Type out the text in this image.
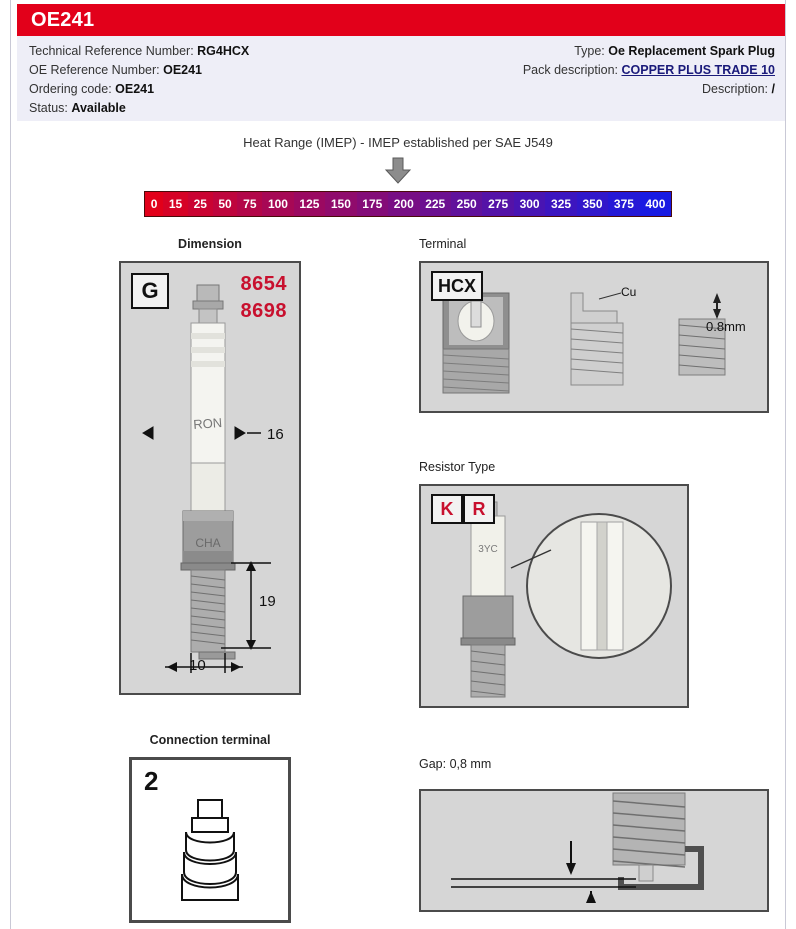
OE241
Technical Reference Number: RG4HCX
OE Reference Number: OE241
Ordering code: OE241
Status: Available
Type: Oe Replacement Spark Plug
Pack description: COPPER PLUS TRADE 10
Description: /
Heat Range (IMEP) - IMEP established per SAE J549
0 15 25 50 75 100 125 150 175 200 225 250 275 300 325 350 375 400
Dimension	Terminal
Resistor Type
Connection terminal
Gap: 0,8 mm
RON
CHA
G	8654
8698
16
19
10
HCX	Cu
0.8mm
3YC
K	R
2
